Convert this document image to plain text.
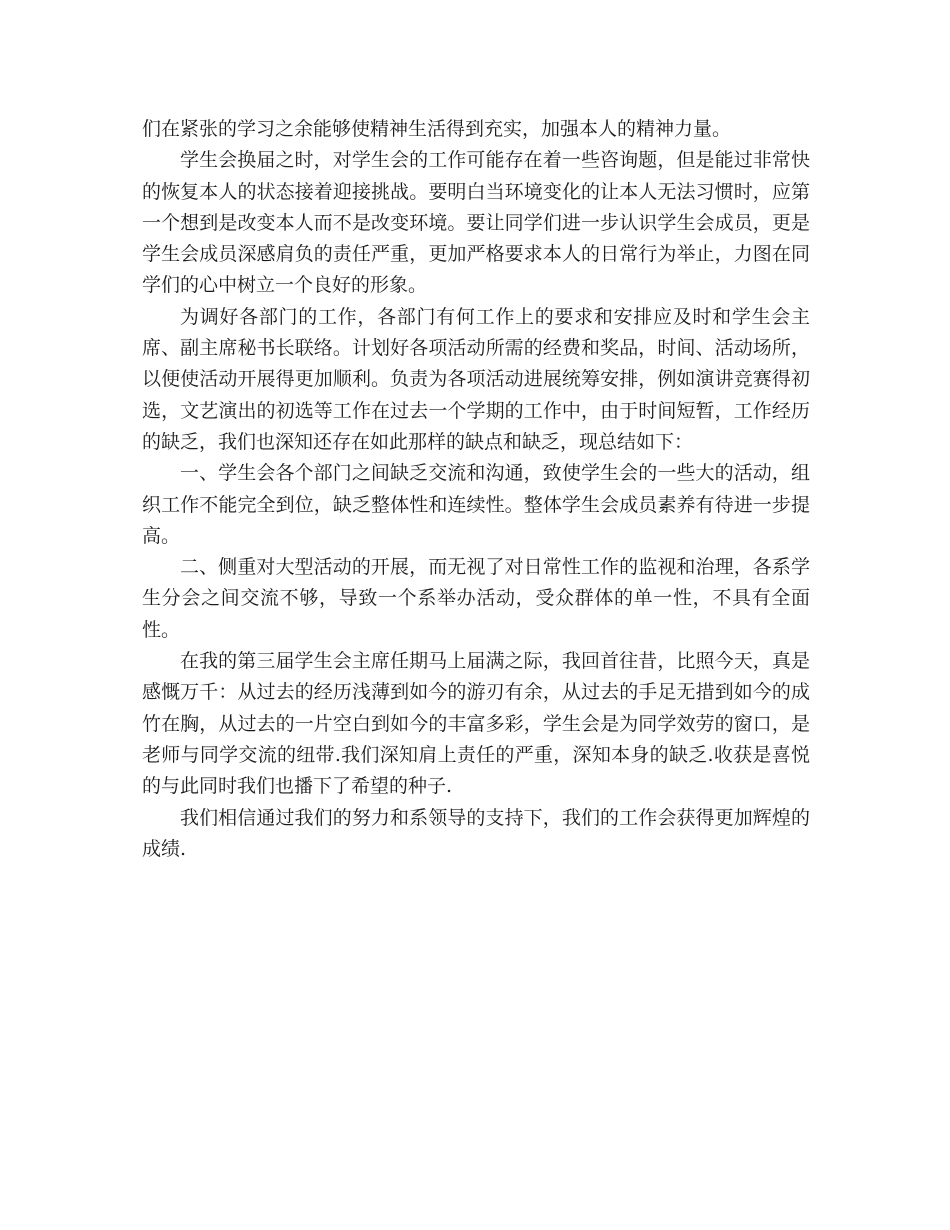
们在紧张的学习之余能够使精神生活得到充实，加强本人的精神力量。

学生会换届之时，对学生会的工作可能存在着一些咨询题，但是能过非常快的恢复本人的状态接着迎接挑战。要明白当环境变化的让本人无法习惯时，应第一个想到是改变本人而不是改变环境。要让同学们进一步认识学生会成员，更是学生会成员深感肩负的责任严重，更加严格要求本人的日常行为举止，力图在同学们的心中树立一个良好的形象。

为调好各部门的工作，各部门有何工作上的要求和安排应及时和学生会主席、副主席秘书长联络。计划好各项活动所需的经费和奖品，时间、活动场所，以便使活动开展得更加顺利。负责为各项活动进展统筹安排，例如演讲竞赛得初选，文艺演出的初选等工作在过去一个学期的工作中，由于时间短暂，工作经历的缺乏，我们也深知还存在如此那样的缺点和缺乏，现总结如下：

一、学生会各个部门之间缺乏交流和沟通，致使学生会的一些大的活动，组织工作不能完全到位，缺乏整体性和连续性。整体学生会成员素养有待进一步提高。

二、侧重对大型活动的开展，而无视了对日常性工作的监视和治理，各系学生分会之间交流不够，导致一个系举办活动，受众群体的单一性，不具有全面性。

在我的第三届学生会主席任期马上届满之际，我回首往昔，比照今天，真是感慨万千：从过去的经历浅薄到如今的游刃有余，从过去的手足无措到如今的成竹在胸，从过去的一片空白到如今的丰富多彩，学生会是为同学效劳的窗口，是老师与同学交流的纽带.我们深知肩上责任的严重，深知本身的缺乏.收获是喜悦的与此同时我们也播下了希望的种子.

我们相信通过我们的努力和系领导的支持下，我们的工作会获得更加辉煌的成绩.
